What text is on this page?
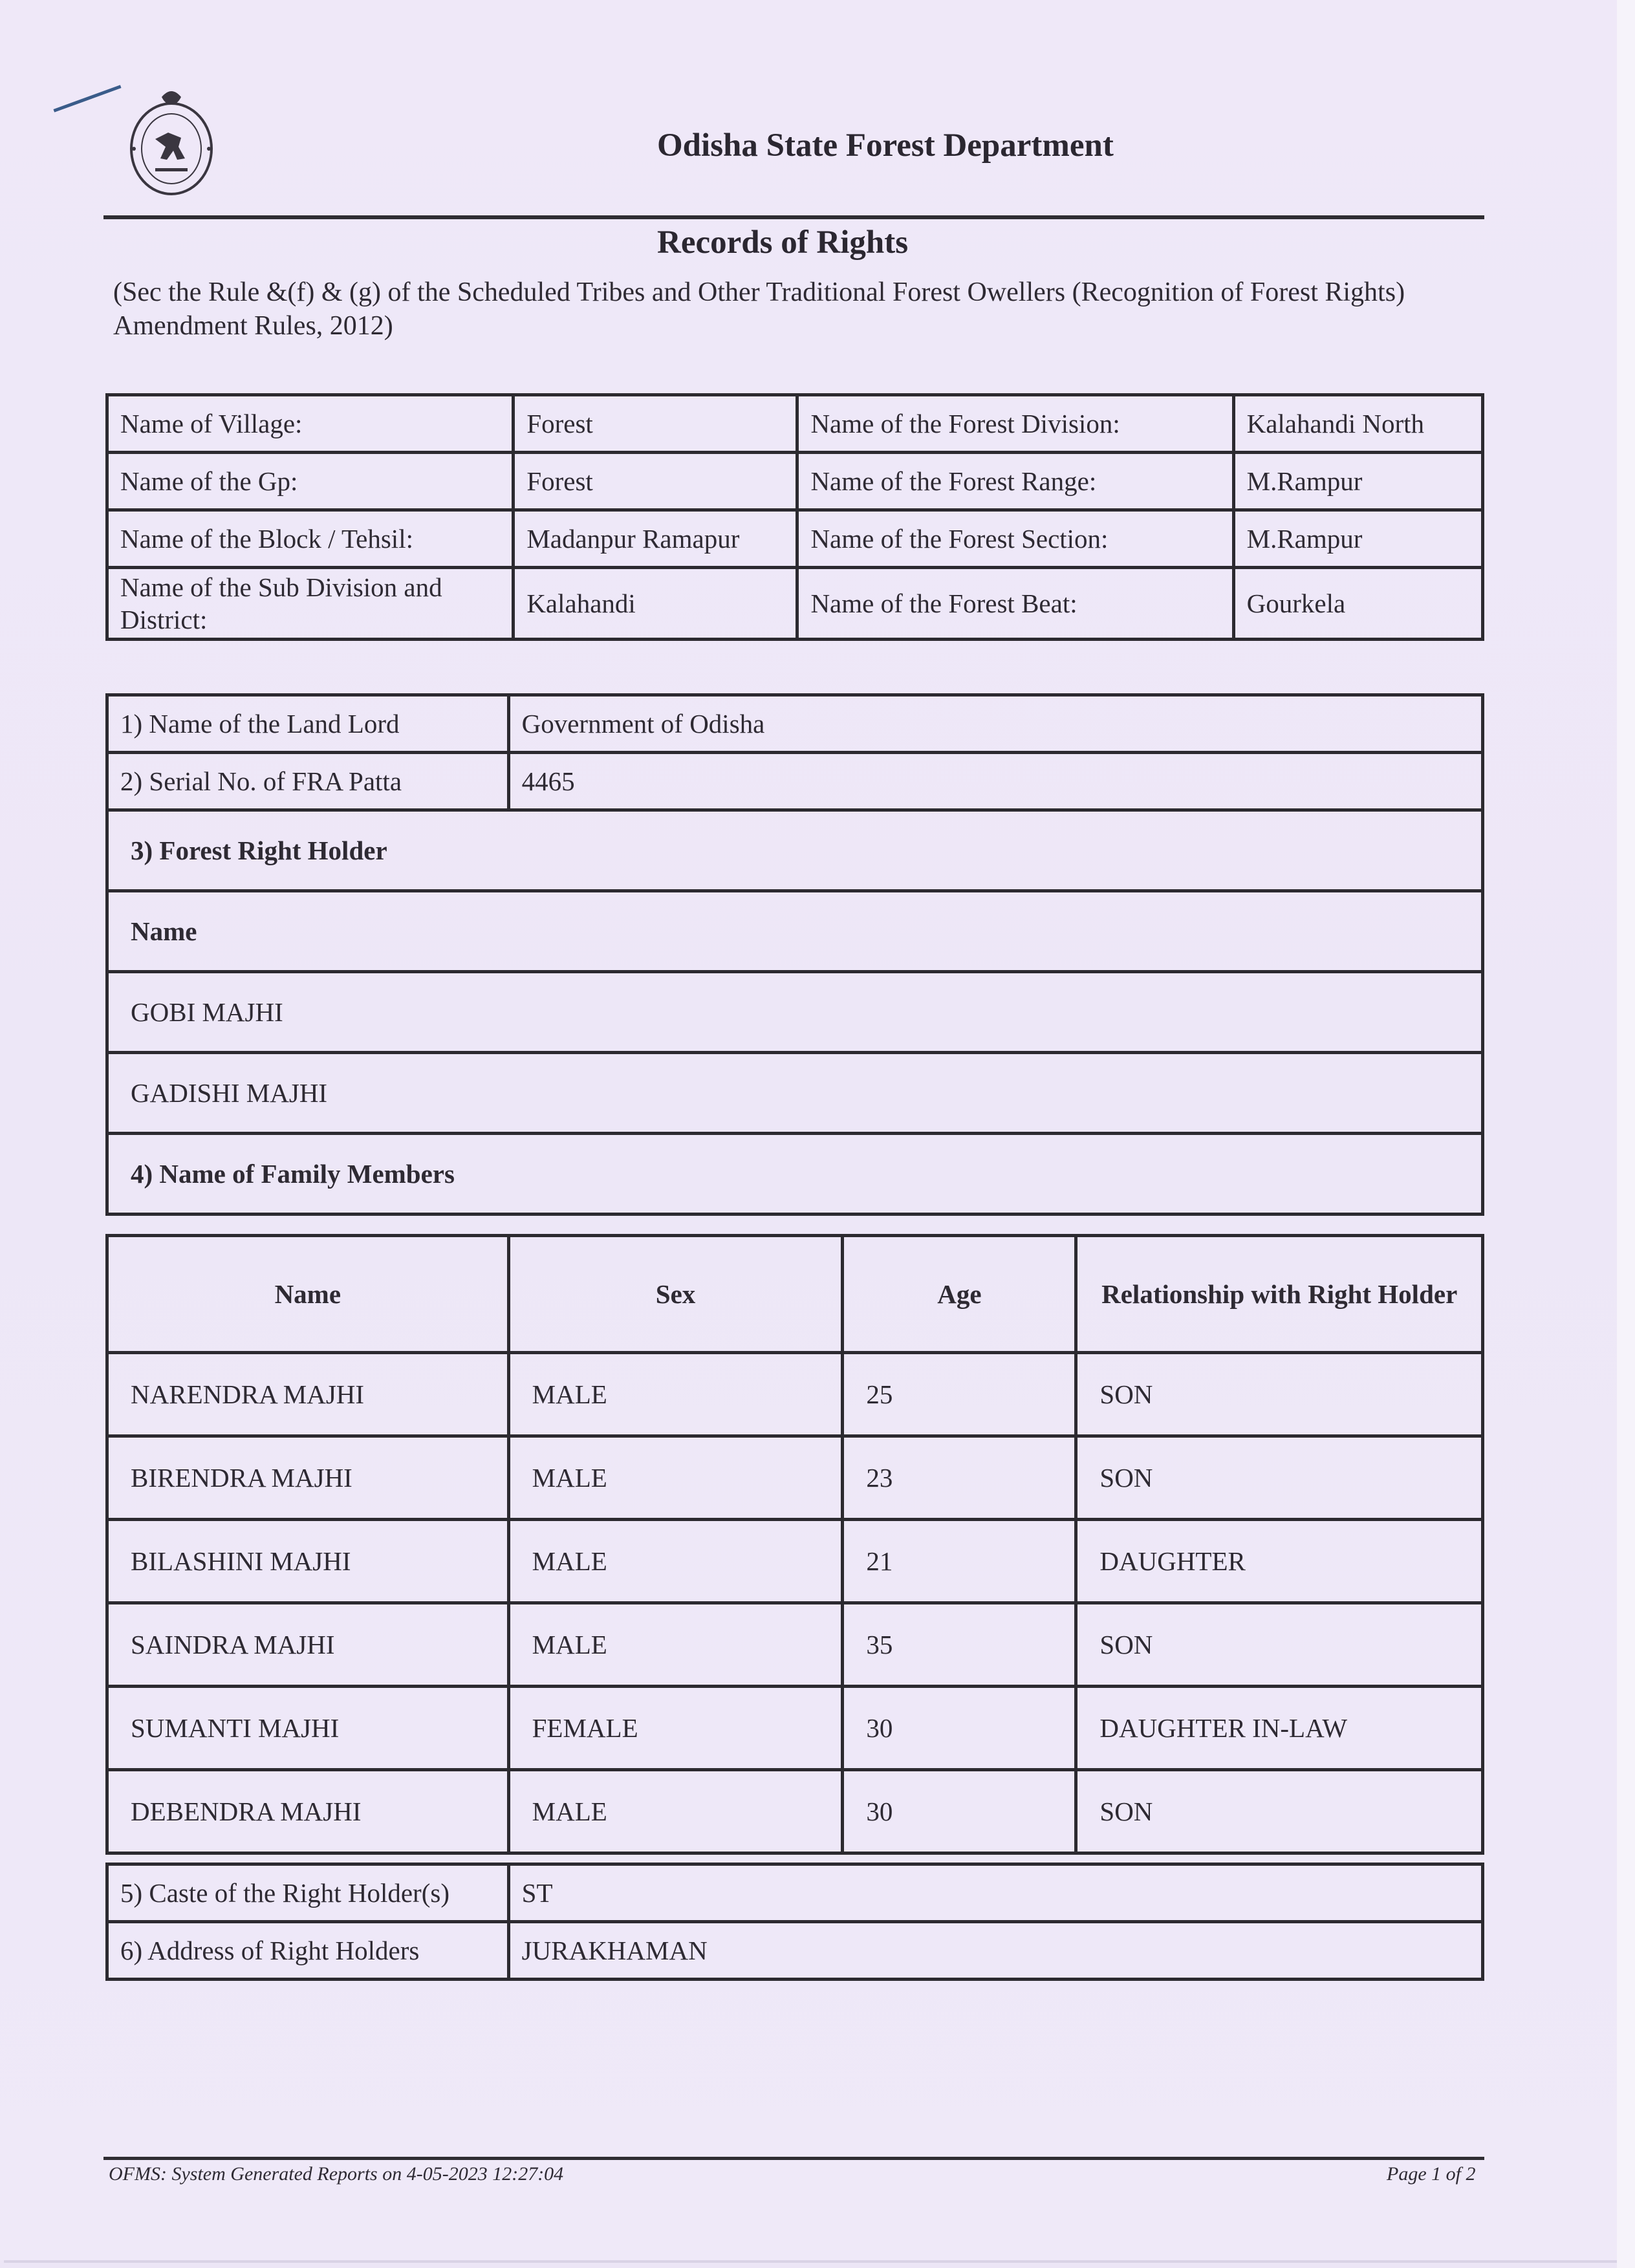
Odisha State Forest Department
Records of Rights
(Sec the Rule &(f) & (g) of the Scheduled Tribes and Other Traditional Forest Owellers (Recognition of Forest Rights) Amendment Rules, 2012)
Name of Village:	Forest	Name of the Forest Division:	Kalahandi North
Name of the Gp:	Forest	Name of the Forest Range:	M.Rampur
Name of the Block / Tehsil:	Madanpur Ramapur	Name of the Forest Section:	M.Rampur
Name of the Sub Division and District:	Kalahandi	Name of the Forest Beat:	Gourkela
1) Name of the Land Lord	Government of Odisha
2) Serial No. of FRA Patta	4465
3) Forest Right Holder	
Name	
GOBI MAJHI	
GADISHI MAJHI	
4) Name of Family Members	
Name	Sex	Age	Relationship with Right Holder
NARENDRA MAJHI	MALE	25	SON
BIRENDRA MAJHI	MALE	23	SON
BILASHINI MAJHI	MALE	21	DAUGHTER
SAINDRA MAJHI	MALE	35	SON
SUMANTI MAJHI	FEMALE	30	DAUGHTER IN-LAW
DEBENDRA MAJHI	MALE	30	SON
5) Caste of the Right Holder(s)	ST
6) Address of Right Holders	JURAKHAMAN
OFMS: System Generated Reports on 4-05-2023 12:27:04	Page 1 of 2
